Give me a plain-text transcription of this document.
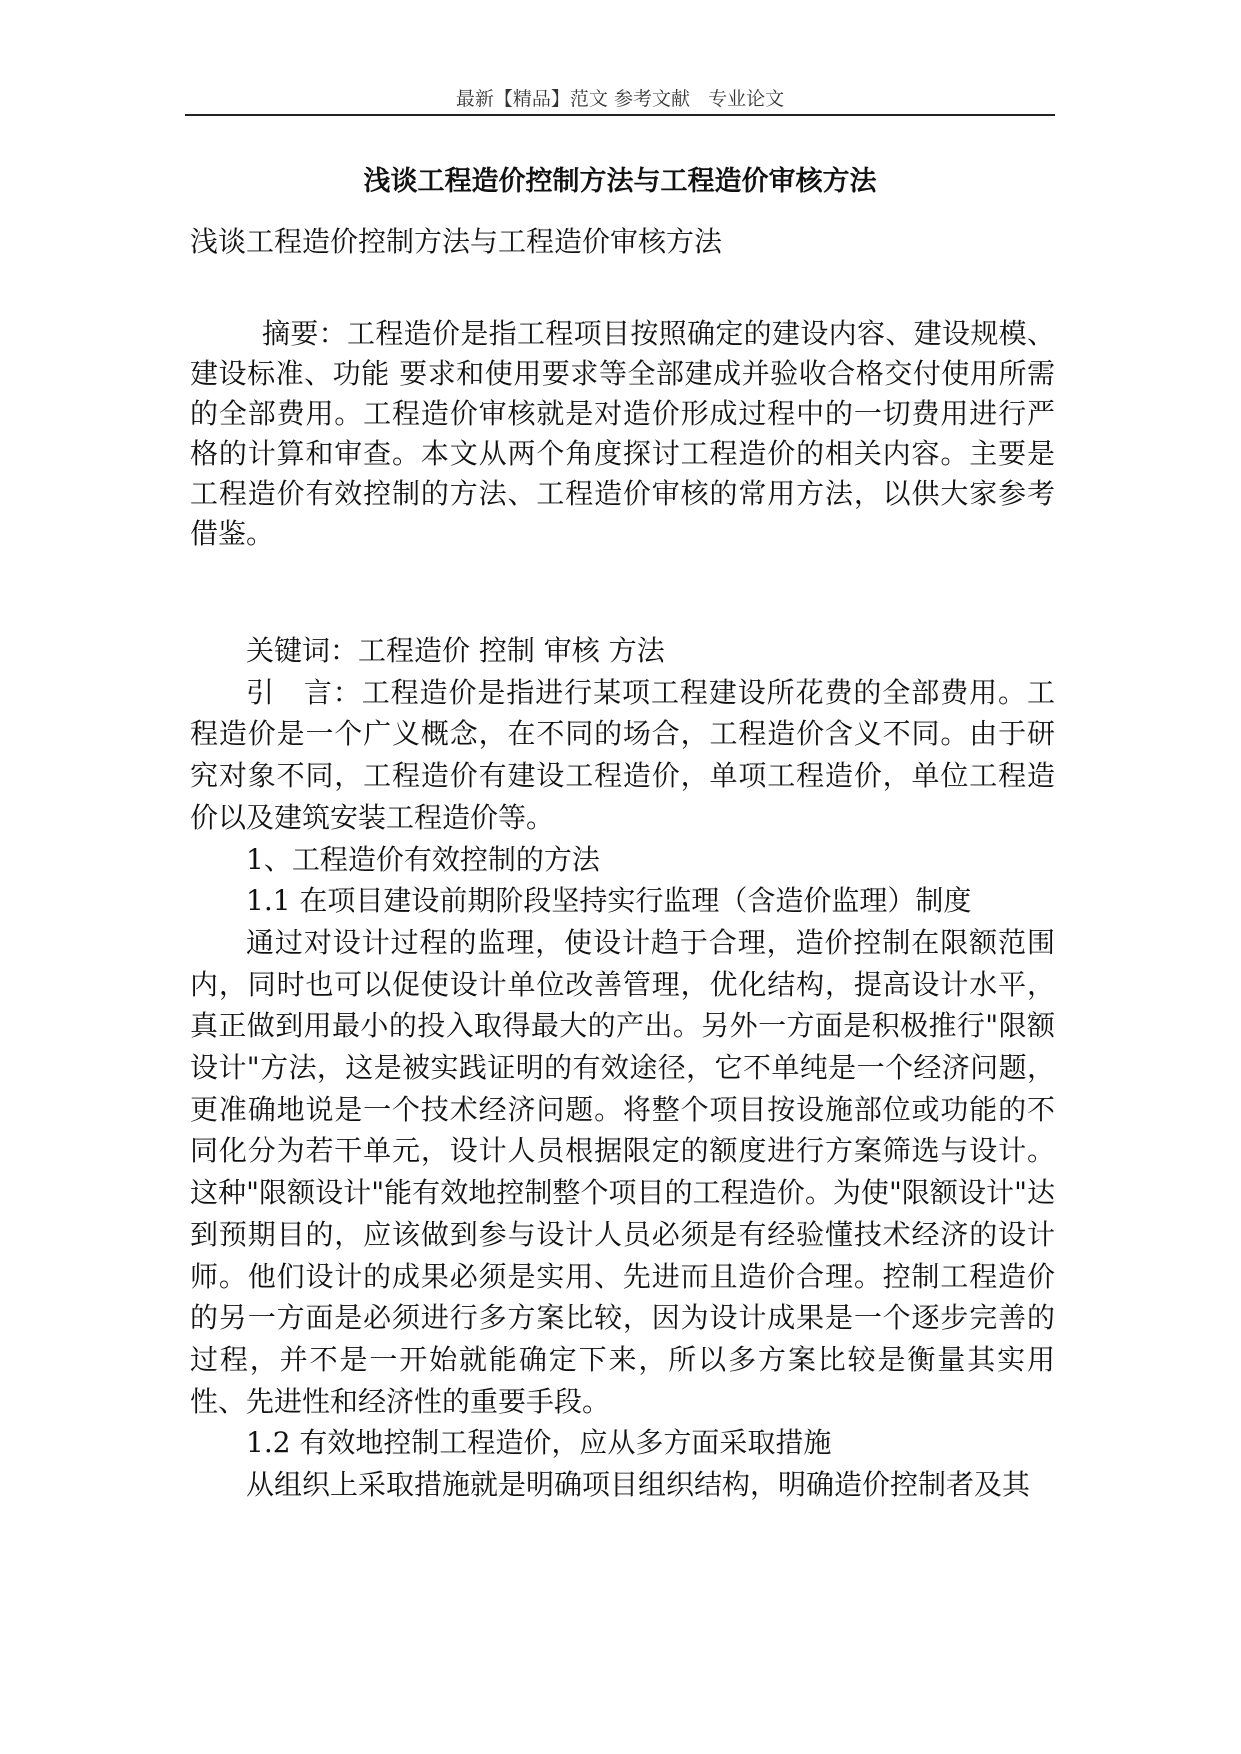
最新【精品】范文 参考文献   专业论文
浅谈工程造价控制方法与工程造价审核方法

浅谈工程造价控制方法与工程造价审核方法

摘要：工程造价是指工程项目按照确定的建设内容、建设规模、建设标准、功能 要求和使用要求等全部建成并验收合格交付使用所需的全部费用。工程造价审核就是对造价形成过程中的一切费用进行严格的计算和审查。本文从两个角度探讨工程造价的相关内容。主要是工程造价有效控制的方法、工程造价审核的常用方法，以供大家参考借鉴。

关键词：工程造价 控制 审核 方法

引　言：工程造价是指进行某项工程建设所花费的全部费用。工程造价是一个广义概念，在不同的场合，工程造价含义不同。由于研究对象不同，工程造价有建设工程造价，单项工程造价，单位工程造价以及建筑安装工程造价等。

1、工程造价有效控制的方法

1.1 在项目建设前期阶段坚持实行监理（含造价监理）制度

通过对设计过程的监理，使设计趋于合理，造价控制在限额范围内，同时也可以促使设计单位改善管理，优化结构，提高设计水平，真正做到用最小的投入取得最大的产出。另外一方面是积极推行"限额设计"方法，这是被实践证明的有效途径，它不单纯是一个经济问题，更准确地说是一个技术经济问题。将整个项目按设施部位或功能的不同化分为若干单元，设计人员根据限定的额度进行方案筛选与设计。这种"限额设计"能有效地控制整个项目的工程造价。为使"限额设计"达到预期目的，应该做到参与设计人员必须是有经验懂技术经济的设计师。他们设计的成果必须是实用、先进而且造价合理。控制工程造价的另一方面是必须进行多方案比较，因为设计成果是一个逐步完善的过程，并不是一开始就能确定下来，所以多方案比较是衡量其实用性、先进性和经济性的重要手段。

1.2 有效地控制工程造价，应从多方面采取措施

从组织上采取措施就是明确项目组织结构，明确造价控制者及其
